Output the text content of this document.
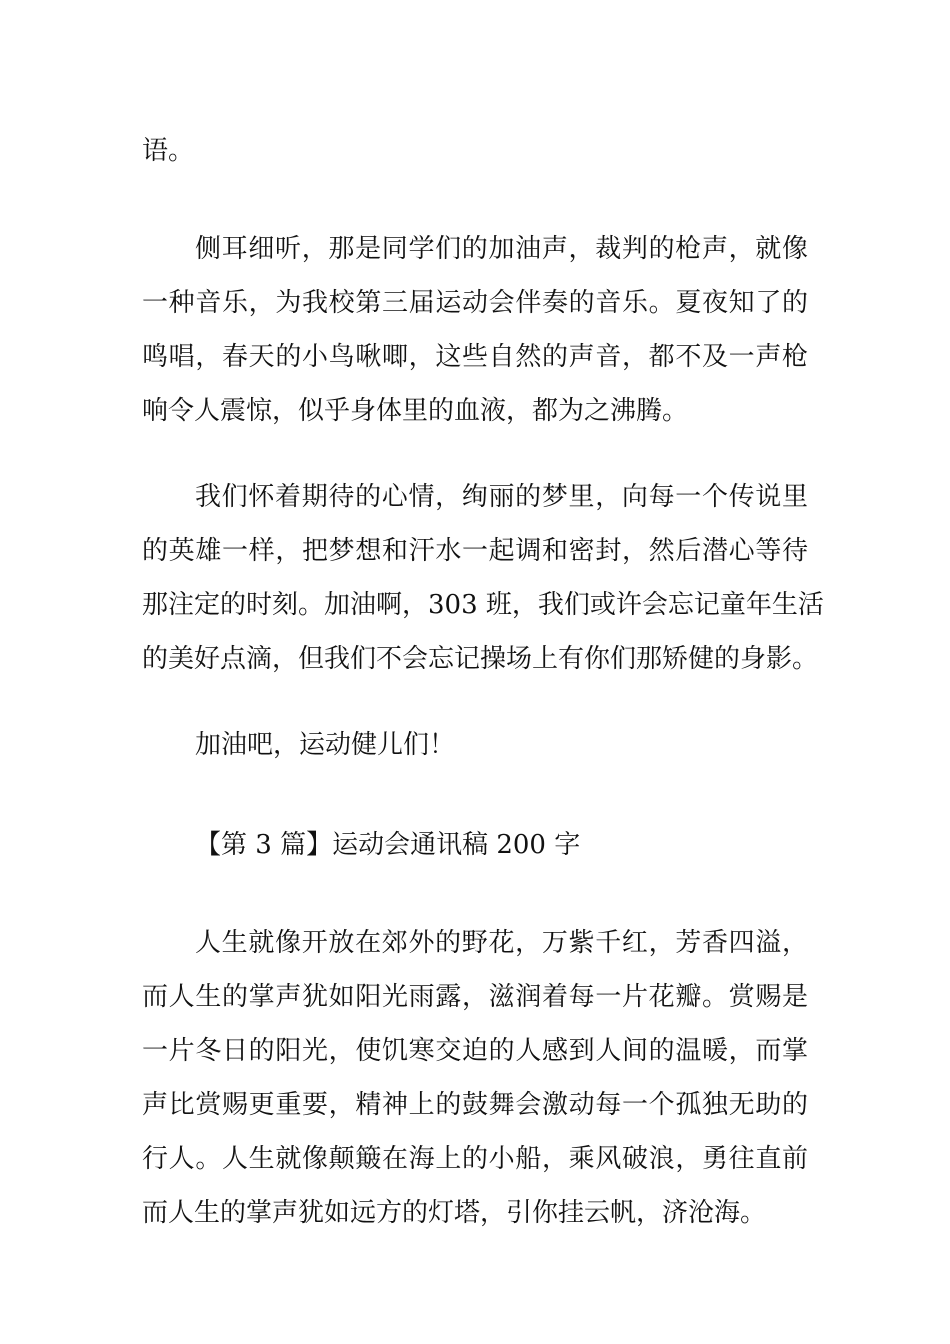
语。

侧耳细听，那是同学们的加油声，裁判的枪声，就像
一种音乐，为我校第三届运动会伴奏的音乐。夏夜知了的
鸣唱，春天的小鸟啾唧，这些自然的声音，都不及一声枪
响令人震惊，似乎身体里的血液，都为之沸腾。

我们怀着期待的心情，绚丽的梦里，向每一个传说里
的英雄一样，把梦想和汗水一起调和密封，然后潜心等待
那注定的时刻。加油啊，303 班，我们或许会忘记童年生活
的美好点滴，但我们不会忘记操场上有你们那矫健的身影。

加油吧，运动健儿们！

【第 3 篇】运动会通讯稿 200 字

人生就像开放在郊外的野花，万紫千红，芳香四溢，
而人生的掌声犹如阳光雨露，滋润着每一片花瓣。赏赐是
一片冬日的阳光，使饥寒交迫的人感到人间的温暖，而掌
声比赏赐更重要，精神上的鼓舞会激动每一个孤独无助的
行人。人生就像颠簸在海上的小船，乘风破浪，勇往直前
而人生的掌声犹如远方的灯塔，引你挂云帆，济沧海。
